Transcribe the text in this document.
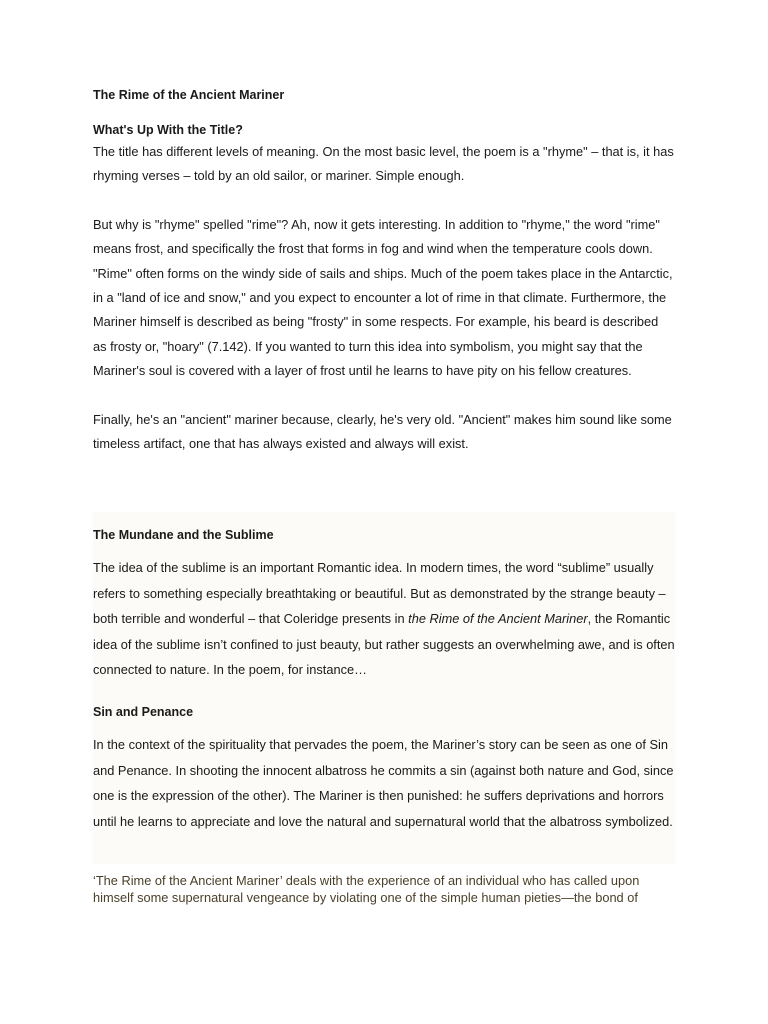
The Rime of the Ancient Mariner
What's Up With the Title?

The title has different levels of meaning. On the most basic level, the poem is a "rhyme" – that is, it has rhyming verses – told by an old sailor, or mariner. Simple enough.

But why is "rhyme" spelled "rime"? Ah, now it gets interesting. In addition to "rhyme," the word "rime" means frost, and specifically the frost that forms in fog and wind when the temperature cools down. "Rime" often forms on the windy side of sails and ships. Much of the poem takes place in the Antarctic, in a "land of ice and snow," and you expect to encounter a lot of rime in that climate. Furthermore, the Mariner himself is described as being "frosty" in some respects. For example, his beard is described as frosty or, "hoary" (7.142). If you wanted to turn this idea into symbolism, you might say that the Mariner's soul is covered with a layer of frost until he learns to have pity on his fellow creatures.

Finally, he's an "ancient" mariner because, clearly, he's very old. "Ancient" makes him sound like some timeless artifact, one that has always existed and always will exist.

The Mundane and the Sublime

The idea of the sublime is an important Romantic idea. In modern times, the word “sublime” usually refers to something especially breathtaking or beautiful. But as demonstrated by the strange beauty – both terrible and wonderful – that Coleridge presents in the Rime of the Ancient Mariner, the Romantic idea of the sublime isn’t confined to just beauty, but rather suggests an overwhelming awe, and is often connected to nature. In the poem, for instance…

Sin and Penance

In the context of the spirituality that pervades the poem, the Mariner’s story can be seen as one of Sin and Penance. In shooting the innocent albatross he commits a sin (against both nature and God, since one is the expression of the other). The Mariner is then punished: he suffers deprivations and horrors until he learns to appreciate and love the natural and supernatural world that the albatross symbolized.

‘The Rime of the Ancient Mariner’ deals with the experience of an individual who has called upon himself some supernatural vengeance by violating one of the simple human pieties—the bond of
